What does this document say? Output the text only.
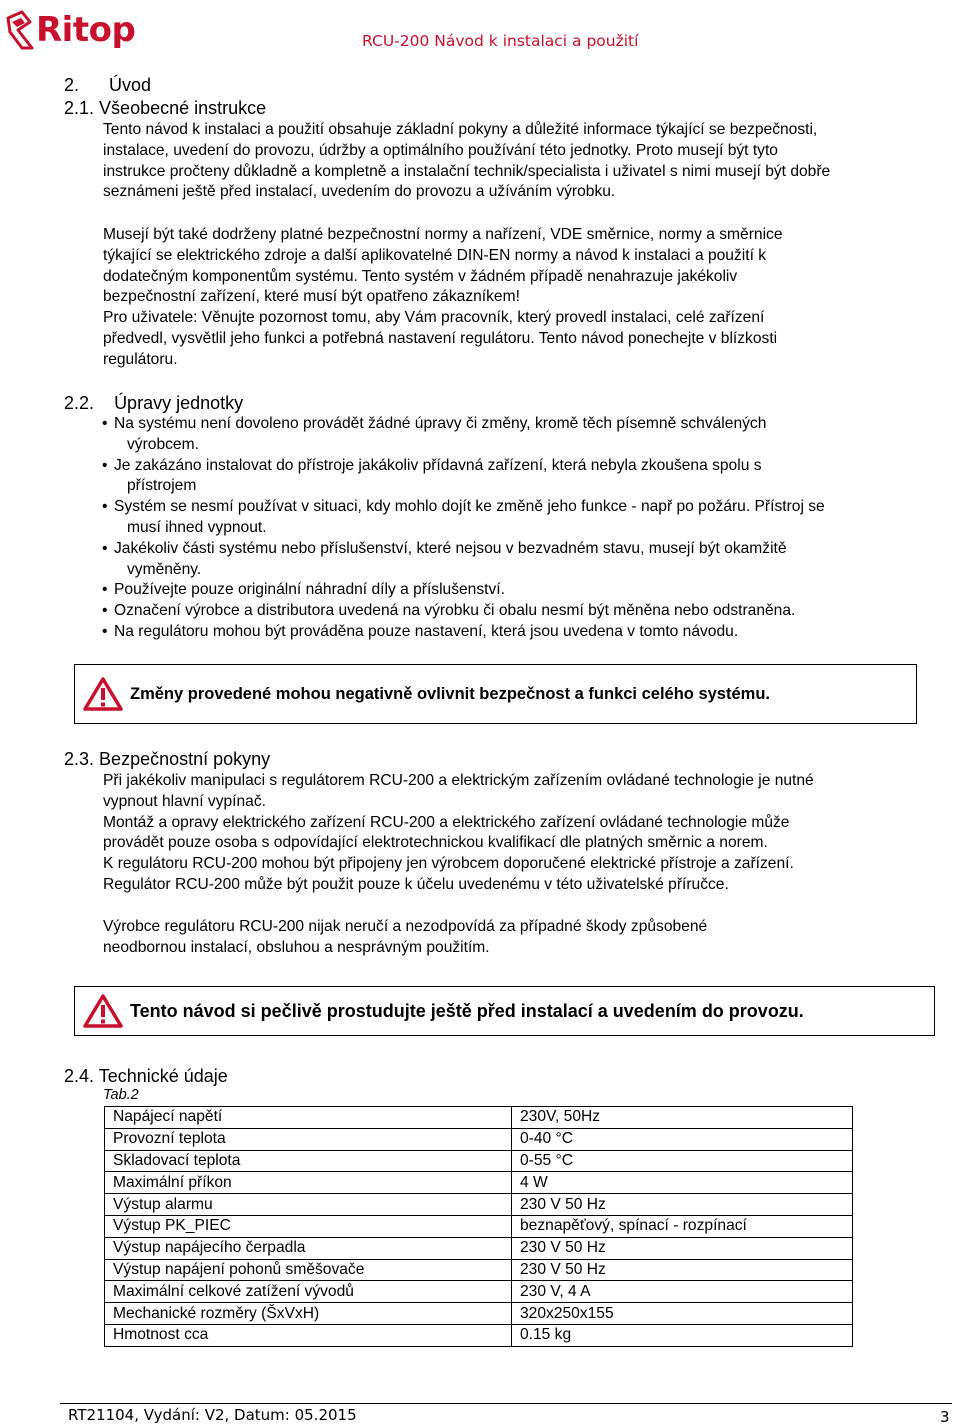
Ritop	RCU-200 Návod k instalaci a použití
2. Úvod
2.1. Všeobecné instrukce
Tento návod k instalaci a použití obsahuje základní pokyny a důležité informace týkající se bezpečnosti,
instalace, uvedení do provozu, údržby a optimálního používání této jednotky. Proto musejí být tyto
instrukce pročteny důkladně a kompletně a instalační technik/specialista i uživatel s nimi musejí být dobře
seznámeni ještě před instalací, uvedením do provozu a užíváním výrobku.
Musejí být také dodrženy platné bezpečnostní normy a nařízení, VDE směrnice, normy a směrnice
týkající se elektrického zdroje a další aplikovatelné DIN-EN normy a návod k instalaci a použití k
dodatečným komponentům systému. Tento systém v žádném případě nenahrazuje jakékoliv
bezpečnostní zařízení, které musí být opatřeno zákazníkem!
Pro uživatele: Věnujte pozornost tomu, aby Vám pracovník, který provedl instalaci, celé zařízení
předvedl, vysvětlil jeho funkci a potřebná nastavení regulátoru. Tento návod ponechejte v blízkosti
regulátoru.
2.2. Úpravy jednotky
• Na systému není dovoleno provádět žádné úpravy či změny, kromě těch písemně schválených
výrobcem.
• Je zakázáno instalovat do přístroje jakákoliv přídavná zařízení, která nebyla zkoušena spolu s
přístrojem
• Systém se nesmí používat v situaci, kdy mohlo dojít ke změně jeho funkce - např po požáru. Přístroj se
musí ihned vypnout.
• Jakékoliv části systému nebo příslušenství, které nejsou v bezvadném stavu, musejí být okamžitě
vyměněny.
• Používejte pouze originální náhradní díly a příslušenství.
• Označení výrobce a distributora uvedená na výrobku či obalu nesmí být měněna nebo odstraněna.
• Na regulátoru mohou být prováděna pouze nastavení, která jsou uvedena v tomto návodu.
Změny provedené mohou negativně ovlivnit bezpečnost a funkci celého systému.
2.3. Bezpečnostní pokyny
Při jakékoliv manipulaci s regulátorem RCU-200 a elektrickým zařízením ovládané technologie je nutné
vypnout hlavní vypínač.
Montáž a opravy elektrického zařízení RCU-200 a elektrického zařízení ovládané technologie může
provádět pouze osoba s odpovídající elektrotechnickou kvalifikací dle platných směrnic a norem.
K regulátoru RCU-200 mohou být připojeny jen výrobcem doporučené elektrické přístroje a zařízení.
Regulátor RCU-200 může být použit pouze k účelu uvedenému v této uživatelské příručce.
Výrobce regulátoru RCU-200 nijak neručí a nezodpovídá za případné škody způsobené
neodbornou instalací, obsluhou a nesprávným použitím.
Tento návod si pečlivě prostudujte ještě před instalací a uvedením do provozu.
2.4. Technické údaje
Tab.2
Napájecí napětí	230V, 50Hz
Provozní teplota	0-40 °C
Skladovací teplota	0-55 °C
Maximální příkon	4 W
Výstup alarmu	230 V 50 Hz
Výstup PK_PIEC	beznapěťový, spínací - rozpínací
Výstup napájecího čerpadla	230 V 50 Hz
Výstup napájení pohonů směšovače	230 V 50 Hz
Maximální celkové zatížení vývodů	230 V, 4 A
Mechanické rozměry (ŠxVxH)	320x250x155
Hmotnost cca	0.15 kg
RT21104, Vydání: V2, Datum: 05.2015	3
